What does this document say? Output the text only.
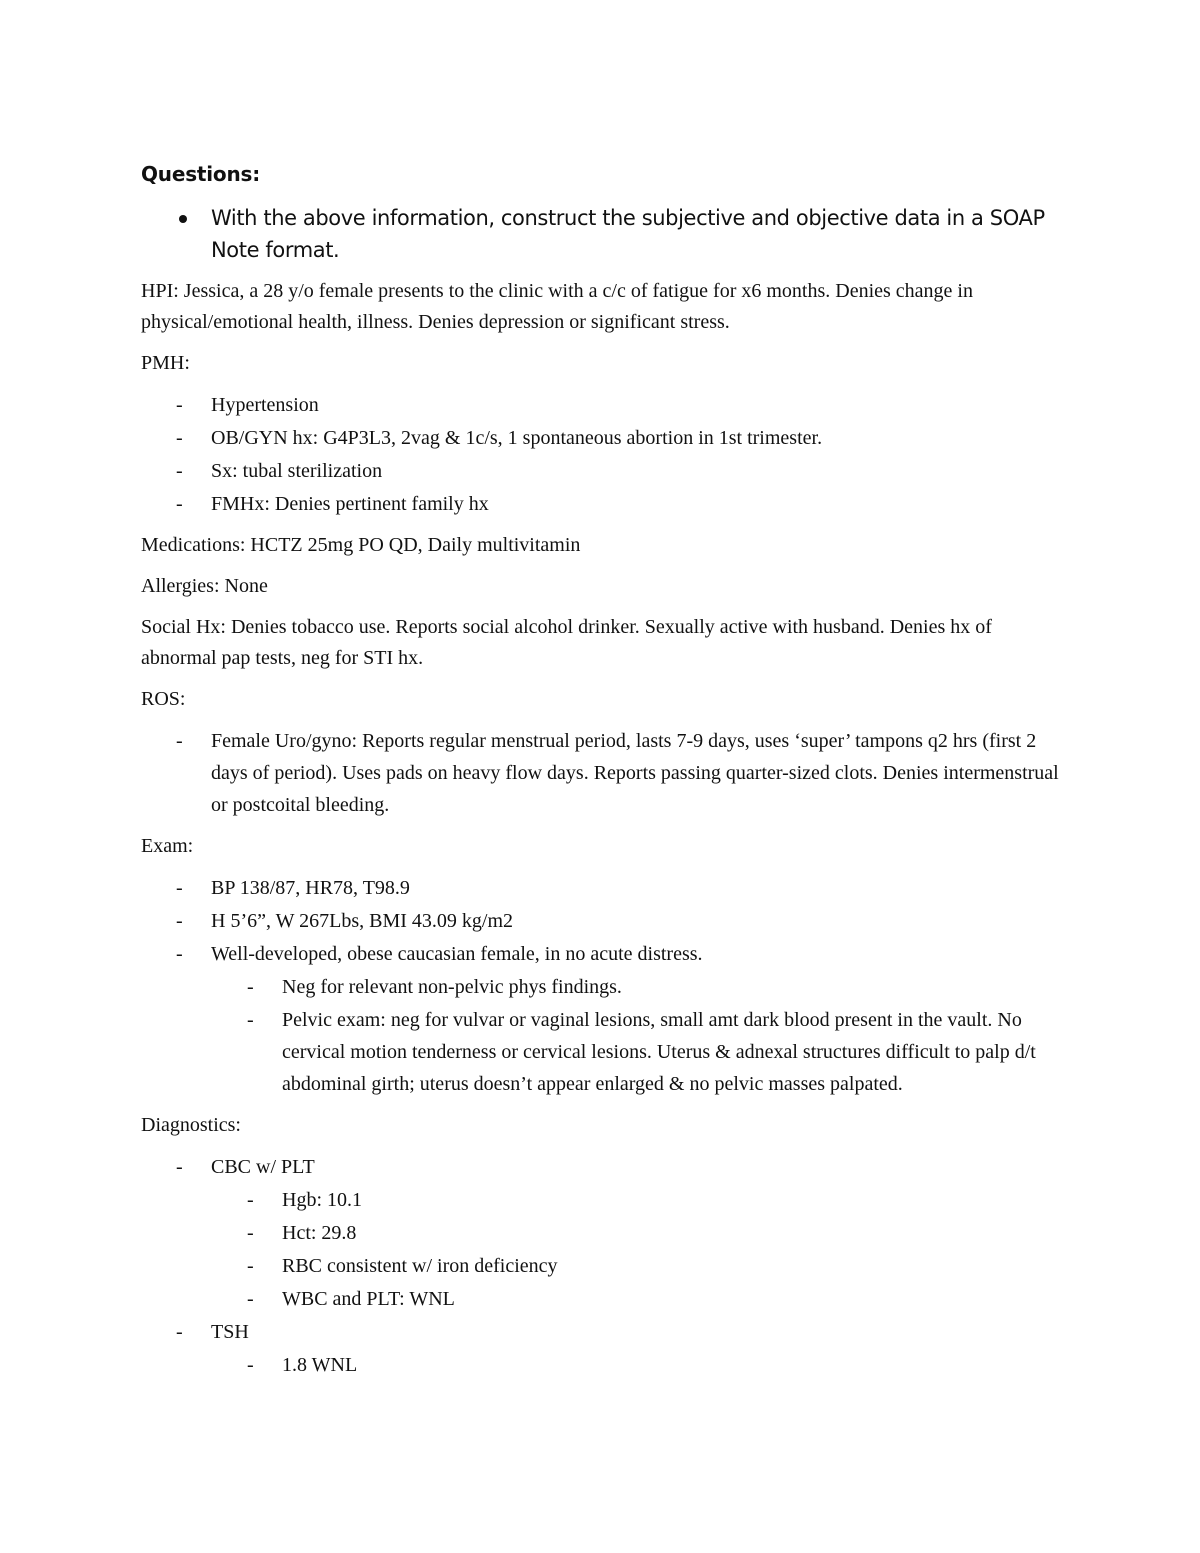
Questions:
With the above information, construct the subjective and objective data in a SOAP Note format.
HPI: Jessica, a 28 y/o female presents to the clinic with a c/c of fatigue for x6 months. Denies change in physical/emotional health, illness. Denies depression or significant stress.
PMH:
- Hypertension
- OB/GYN hx: G4P3L3, 2vag & 1c/s, 1 spontaneous abortion in 1st trimester.
- Sx: tubal sterilization
- FMHx: Denies pertinent family hx
Medications: HCTZ 25mg PO QD, Daily multivitamin
Allergies: None
Social Hx: Denies tobacco use. Reports social alcohol drinker. Sexually active with husband. Denies hx of abnormal pap tests, neg for STI hx.
ROS:
- Female Uro/gyno: Reports regular menstrual period, lasts 7-9 days, uses ‘super’ tampons q2 hrs (first 2 days of period). Uses pads on heavy flow days. Reports passing quarter-sized clots. Denies intermenstrual or postcoital bleeding.
Exam:
- BP 138/87, HR78, T98.9
- H 5’6”, W 267Lbs, BMI 43.09 kg/m2
- Well-developed, obese caucasian female, in no acute distress.
- Neg for relevant non-pelvic phys findings.
- Pelvic exam: neg for vulvar or vaginal lesions, small amt dark blood present in the vault. No cervical motion tenderness or cervical lesions. Uterus & adnexal structures difficult to palp d/t abdominal girth; uterus doesn’t appear enlarged & no pelvic masses palpated.
Diagnostics:
- CBC w/ PLT
- Hgb: 10.1
- Hct: 29.8
- RBC consistent w/ iron deficiency
- WBC and PLT: WNL
- TSH
- 1.8 WNL
